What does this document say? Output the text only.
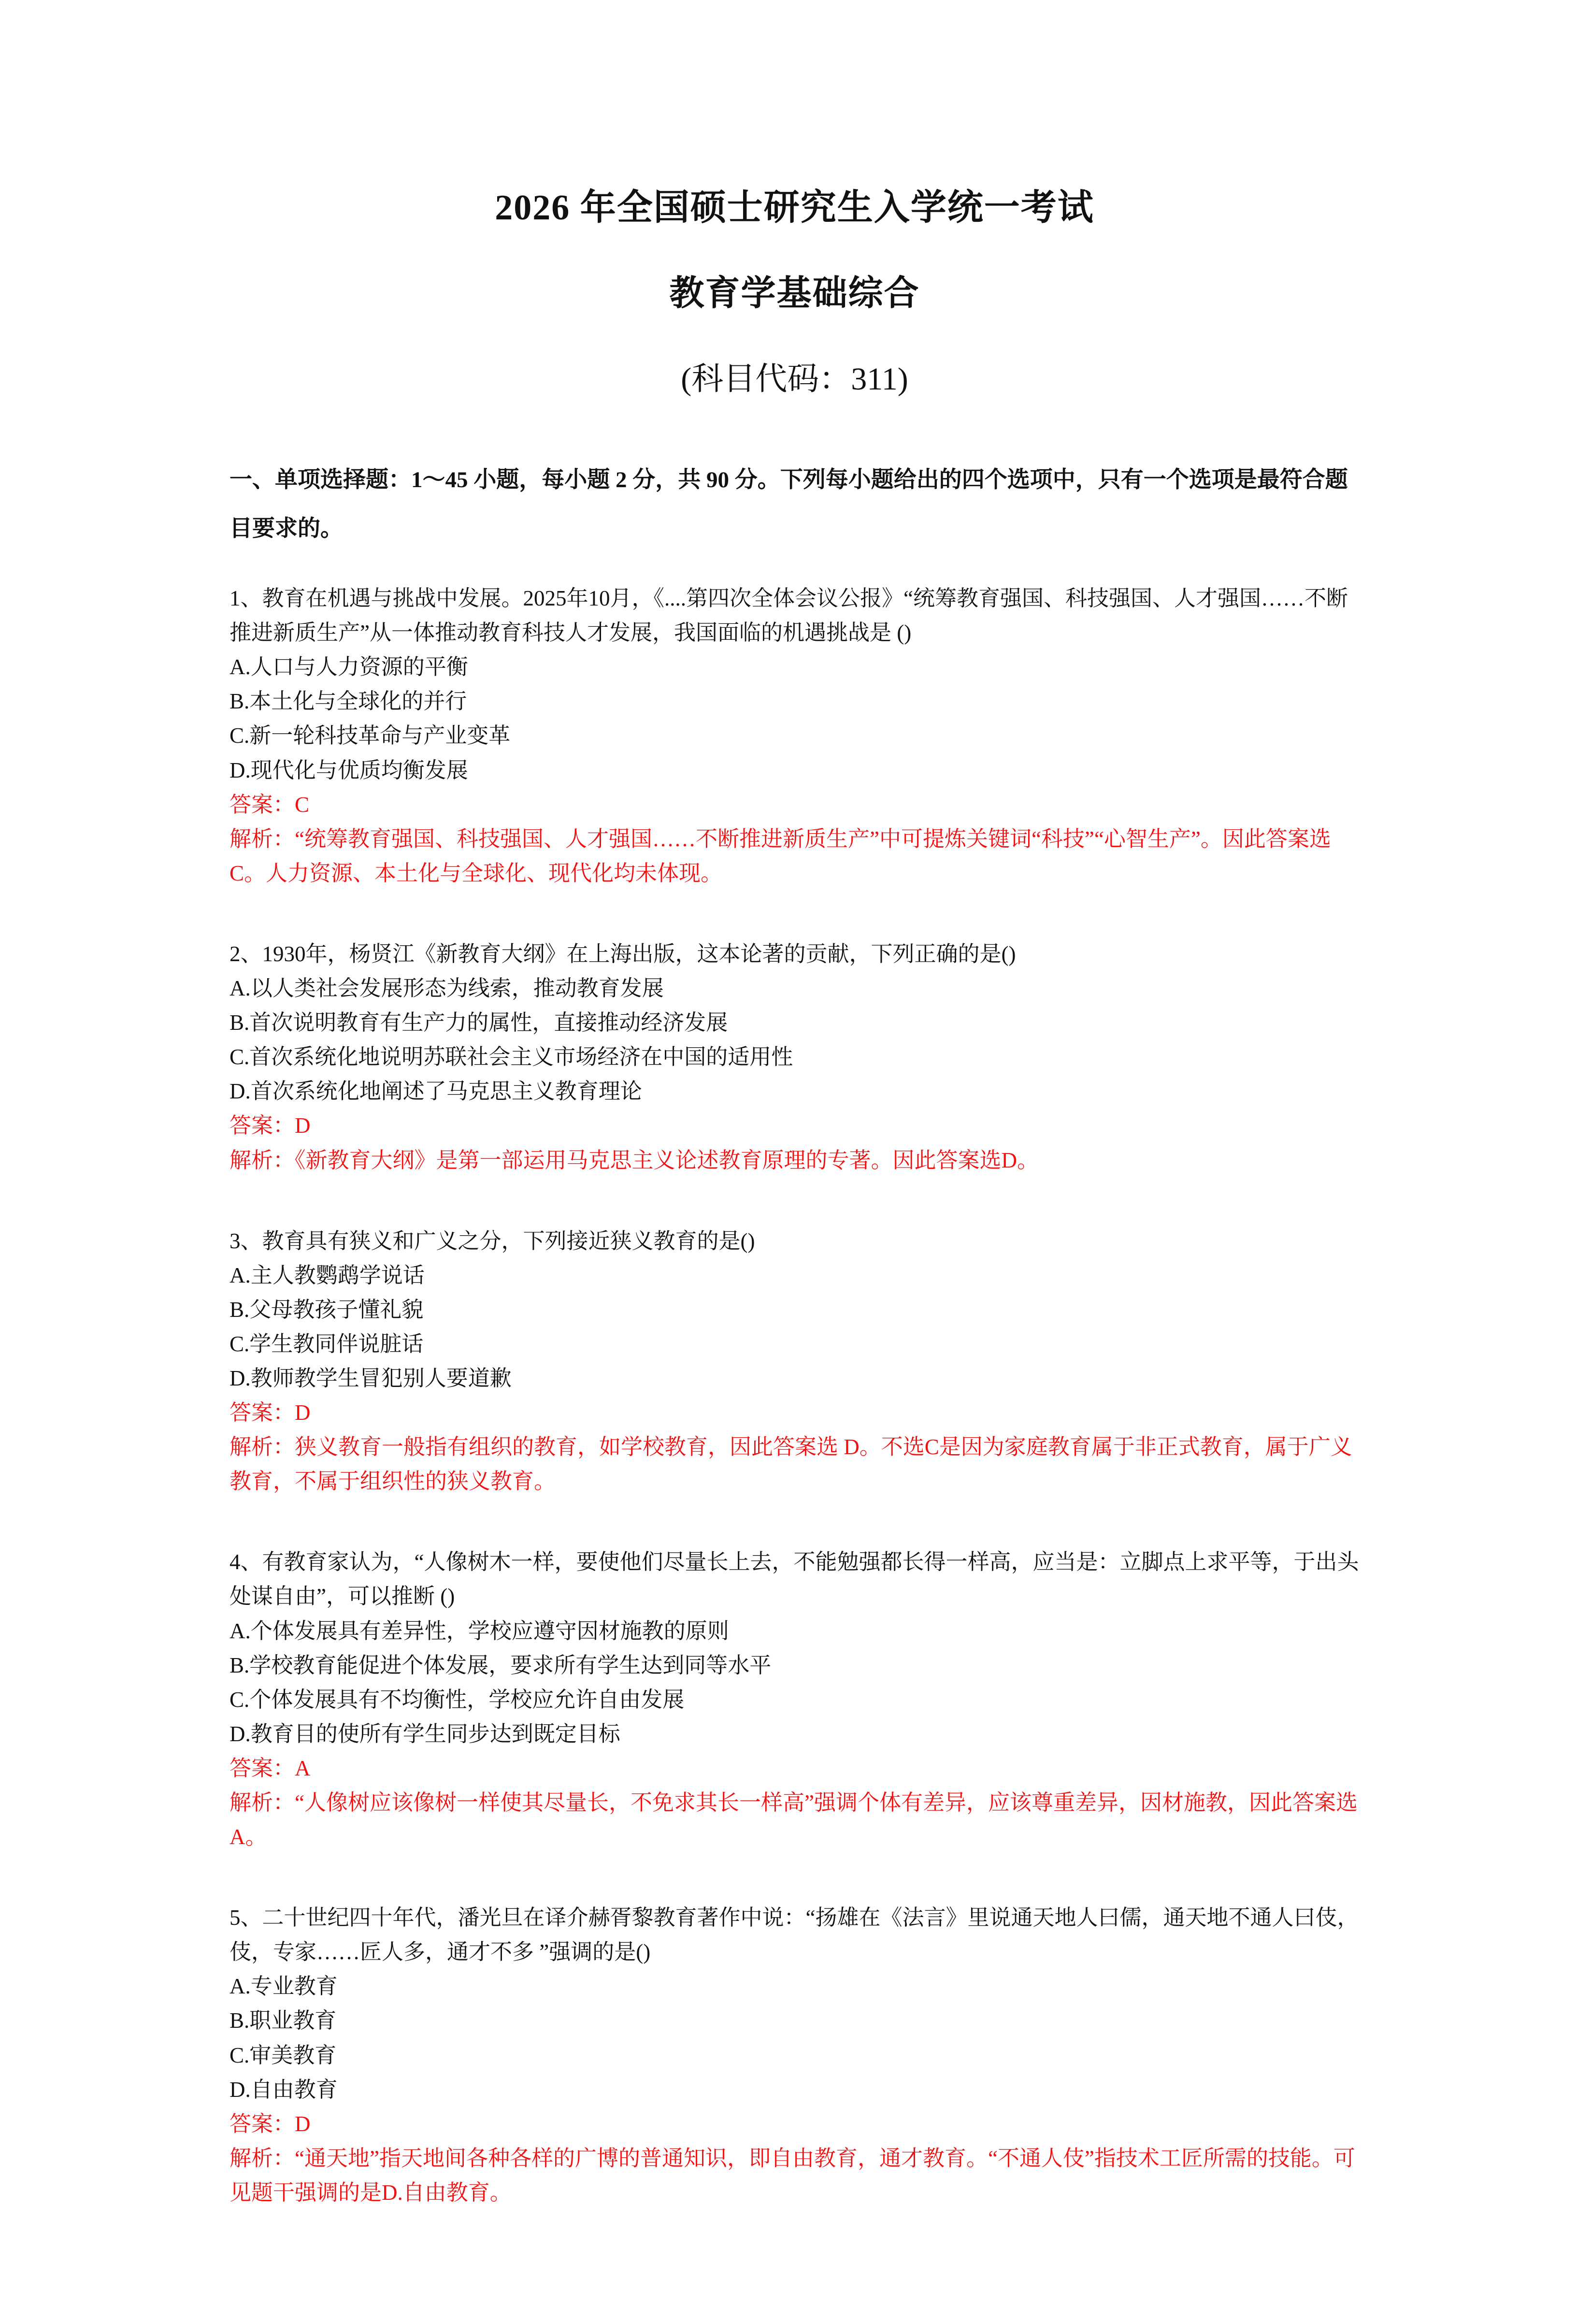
2026 年全国硕士研究生入学统一考试
教育学基础综合
(科目代码：311)

一、单项选择题：1～45 小题，每小题 2 分，共 90 分。下列每小题给出的四个选项中，只有一个选项是最符合题目要求的。

1、教育在机遇与挑战中发展。2025年10月，《....第四次全体会议公报》“统筹教育强国、科技强国、人才强国……不断推进新质生产”从一体推动教育科技人才发展，我国面临的机遇挑战是 ()

A.人口与人力资源的平衡

B.本土化与全球化的并行

C.新一轮科技革命与产业变革

D.现代化与优质均衡发展

答案：C

解析：“统筹教育强国、科技强国、人才强国……不断推进新质生产”中可提炼关键词“科技”“心智生产”。因此答案选C。人力资源、本土化与全球化、现代化均未体现。

2、1930年，杨贤江《新教育大纲》在上海出版，这本论著的贡献，下列正确的是()

A.以人类社会发展形态为线索，推动教育发展

B.首次说明教育有生产力的属性，直接推动经济发展

C.首次系统化地说明苏联社会主义市场经济在中国的适用性

D.首次系统化地阐述了马克思主义教育理论

答案：D

解析：《新教育大纲》是第一部运用马克思主义论述教育原理的专著。因此答案选D。

3、教育具有狭义和广义之分，下列接近狭义教育的是()

A.主人教鹦鹉学说话

B.父母教孩子懂礼貌

C.学生教同伴说脏话

D.教师教学生冒犯别人要道歉

答案：D

解析：狭义教育一般指有组织的教育，如学校教育，因此答案选 D。不选C是因为家庭教育属于非正式教育，属于广义教育，不属于组织性的狭义教育。

4、有教育家认为，“人像树木一样，要使他们尽量长上去，不能勉强都长得一样高，应当是：立脚点上求平等，于出头处谋自由”，可以推断 ()

A.个体发展具有差异性，学校应遵守因材施教的原则

B.学校教育能促进个体发展，要求所有学生达到同等水平

C.个体发展具有不均衡性，学校应允许自由发展

D.教育目的使所有学生同步达到既定目标

答案：A

解析：“人像树应该像树一样使其尽量长，不免求其长一样高”强调个体有差异，应该尊重差异，因材施教，因此答案选 A。

5、二十世纪四十年代，潘光旦在译介赫胥黎教育著作中说：“扬雄在《法言》里说通天地人曰儒，通天地不通人曰伎，伎，专家……匠人多，通才不多 ”强调的是()

A.专业教育

B.职业教育

C.审美教育

D.自由教育

答案：D

解析：“通天地”指天地间各种各样的广博的普通知识，即自由教育，通才教育。“不通人伎”指技术工匠所需的技能。可见题干强调的是D.自由教育。
